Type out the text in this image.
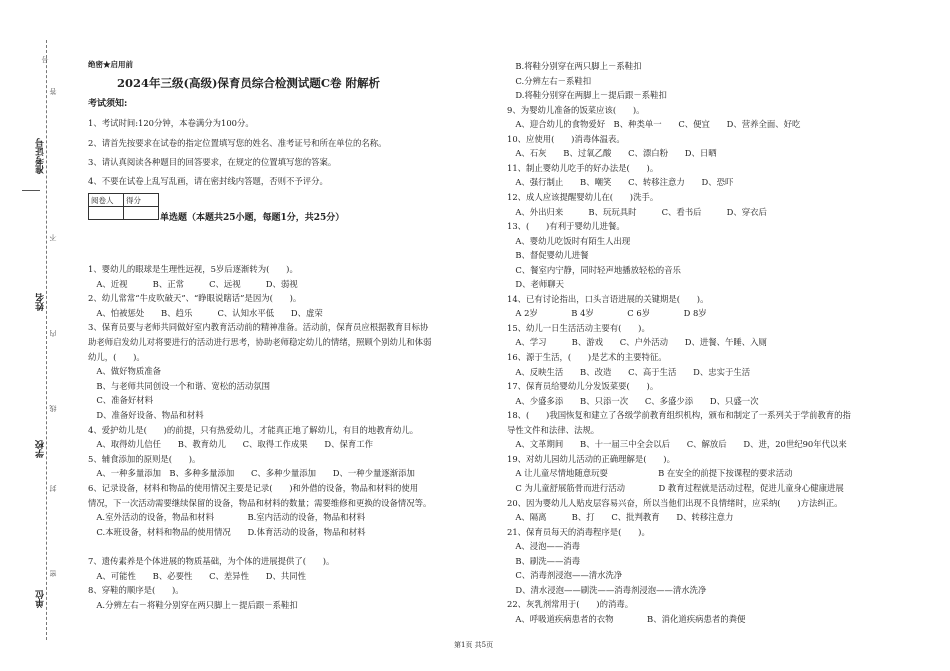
号
准考证号
答
不
姓名
内
线
学校
封
密
单位
绝密★启用前
2024年三级(高级)保育员综合检测试题C卷 附解析
考试须知:
1、考试时间:120分钟，本卷满分为100分。
2、请首先按要求在试卷的指定位置填写您的姓名、准考证号和所在单位的名称。
3、请认真阅读各种题目的回答要求，在规定的位置填写您的答案。
4、不要在试卷上乱写乱画，请在密封线内答题，否则不予评分。
阅卷人	得分

单选题（本题共25小题，每题1分，共25分）
1、婴幼儿的眼球是生理性远视，5岁后逐渐转为(　　)。
　A、近视　　　B、正常　　　C、远视　　　D、弱视
2、幼儿常常“牛皮吹破天”、“睁眼说瞎话”是因为(　　)。
　A、怕被惩处　　B、趋乐　　　C、认知水平低　　D、虚荣
3、保育员要与老师共同做好室内教育活动前的精神准备。活动前，保育员应根据教育目标协
助老师启发幼儿对将要进行的活动进行思考，协助老师稳定幼儿的情绪，照顾个别幼儿和体弱
幼儿，(　　)。
　A、做好物质准备
　B、与老师共同创设一个和谐、宽松的活动氛围
　C、准备好材料
　D、准备好设备、物品和材料
4、爱护幼儿是(　　)的前提，只有热爱幼儿，才能真正地了解幼儿，有目的地教育幼儿。
　A、取得幼儿信任　　B、教育幼儿　　C、取得工作成果　　D、保育工作
5、辅食添加的原则是(　　)。
　A、一种多量添加　B、多种多量添加　　C、多种少量添加　　D、一种少量逐渐添加
6、记录设备，材料和物品的使用情况主要是记录(　　)和外借的设备，物品和材料的使用
情况，下一次活动需要继续保留的设备，物品和材料的数量；需要维修和更换的设备情况等。
　A.室外活动的设备，物品和材料　　　　B.室内活动的设备，物品和材料
　C.本班设备，材料和物品的使用情况　　D.体育活动的设备，物品和材料
7、遗传素养是个体进展的物质基础，为个体的进展提供了(　　)。
　A、可能性　　B、必要性　　C、差异性　　D、共同性
8、穿鞋的顺序是(　　)。
　A.分辨左右－将鞋分别穿在两只脚上－提后跟－系鞋扣
　B.将鞋分别穿在两只脚上－系鞋扣
　C.分辨左右－系鞋扣
　D.将鞋分别穿在两脚上－提后跟－系鞋扣
9、为婴幼儿准备的饭菜应该(　　)。
　A、迎合幼儿的食物爱好　B、种类单一　　C、便宜　　D、营养全面、好吃
10、应使用(　　)消毒体温表。
　A、石灰　　B、过氧乙酸　　C、漂白粉　　D、日晒
11、制止婴幼儿吃手的好办法是(　　)。
　A、强行制止　　B、嘲笑　　C、转移注意力　　D、恐吓
12、成人应该提醒婴幼儿在(　　)洗手。
　A、外出归来　　　B、玩玩具时　　　C、看书后　　　D、穿衣后
13、(　　)有利于婴幼儿进餐。
　A、婴幼儿吃饭时有陌生人出现
　B、督促婴幼儿进餐
　C、餐室内宁静，同时轻声地播放轻松的音乐
　D、老师聊天
14、已有讨论指出，口头言语进展的关键期是(　　)。
　A 2岁　　　　B 4岁　　　　C 6岁　　　　D 8岁
15、幼儿一日生活活动主要有(　　)。
　A、学习　　　B、游戏　　C、户外活动　　D、进餐、午睡、入厕
16、源于生活，(　　)是艺术的主要特征。
　A、反映生活　　B、改造　　C、高于生活　　D、忠实于生活
17、保育员给婴幼儿分发饭菜要(　　)。
　A、少盛多添　　B、只添一次　　C、多盛少添　　D、只盛一次
18、(　　)我国恢复和建立了各级学前教育组织机构，颁布和制定了一系列关于学前教育的指
导性文件和法律、法规。
　A、文革期间　　B、十一届三中全会以后　　C、解放后　　D、进，20世纪90年代以来
19、对幼儿园幼儿活动的正确理解是(　　)。
　A 让儿童尽情地随意玩耍　　　　　　B 在安全的前提下按课程的要求活动
　C 为儿童舒展筋骨而进行活动　　　　D 教育过程就是活动过程，促进儿童身心健康进展
20、因为婴幼儿人贴皮层容易兴奋，所以当他们出现不良情绪时，应采纳(　　)方法纠正。
　A、隔离　　　B、打　　C、批判教育　　D、转移注意力
21、保育员每天的消毒程序是(　　)。
　A、浸泡——消毒
　B、刷洗——消毒
　C、消毒剂浸泡——清水洗净
　D、清水浸泡——刷洗——消毒剂浸泡——清水洗净
22、灰乳剂常用于(　　)的消毒。
　A、呼吸道疾病患者的衣物　　　　B、消化道疾病患者的粪便
第1页 共5页
